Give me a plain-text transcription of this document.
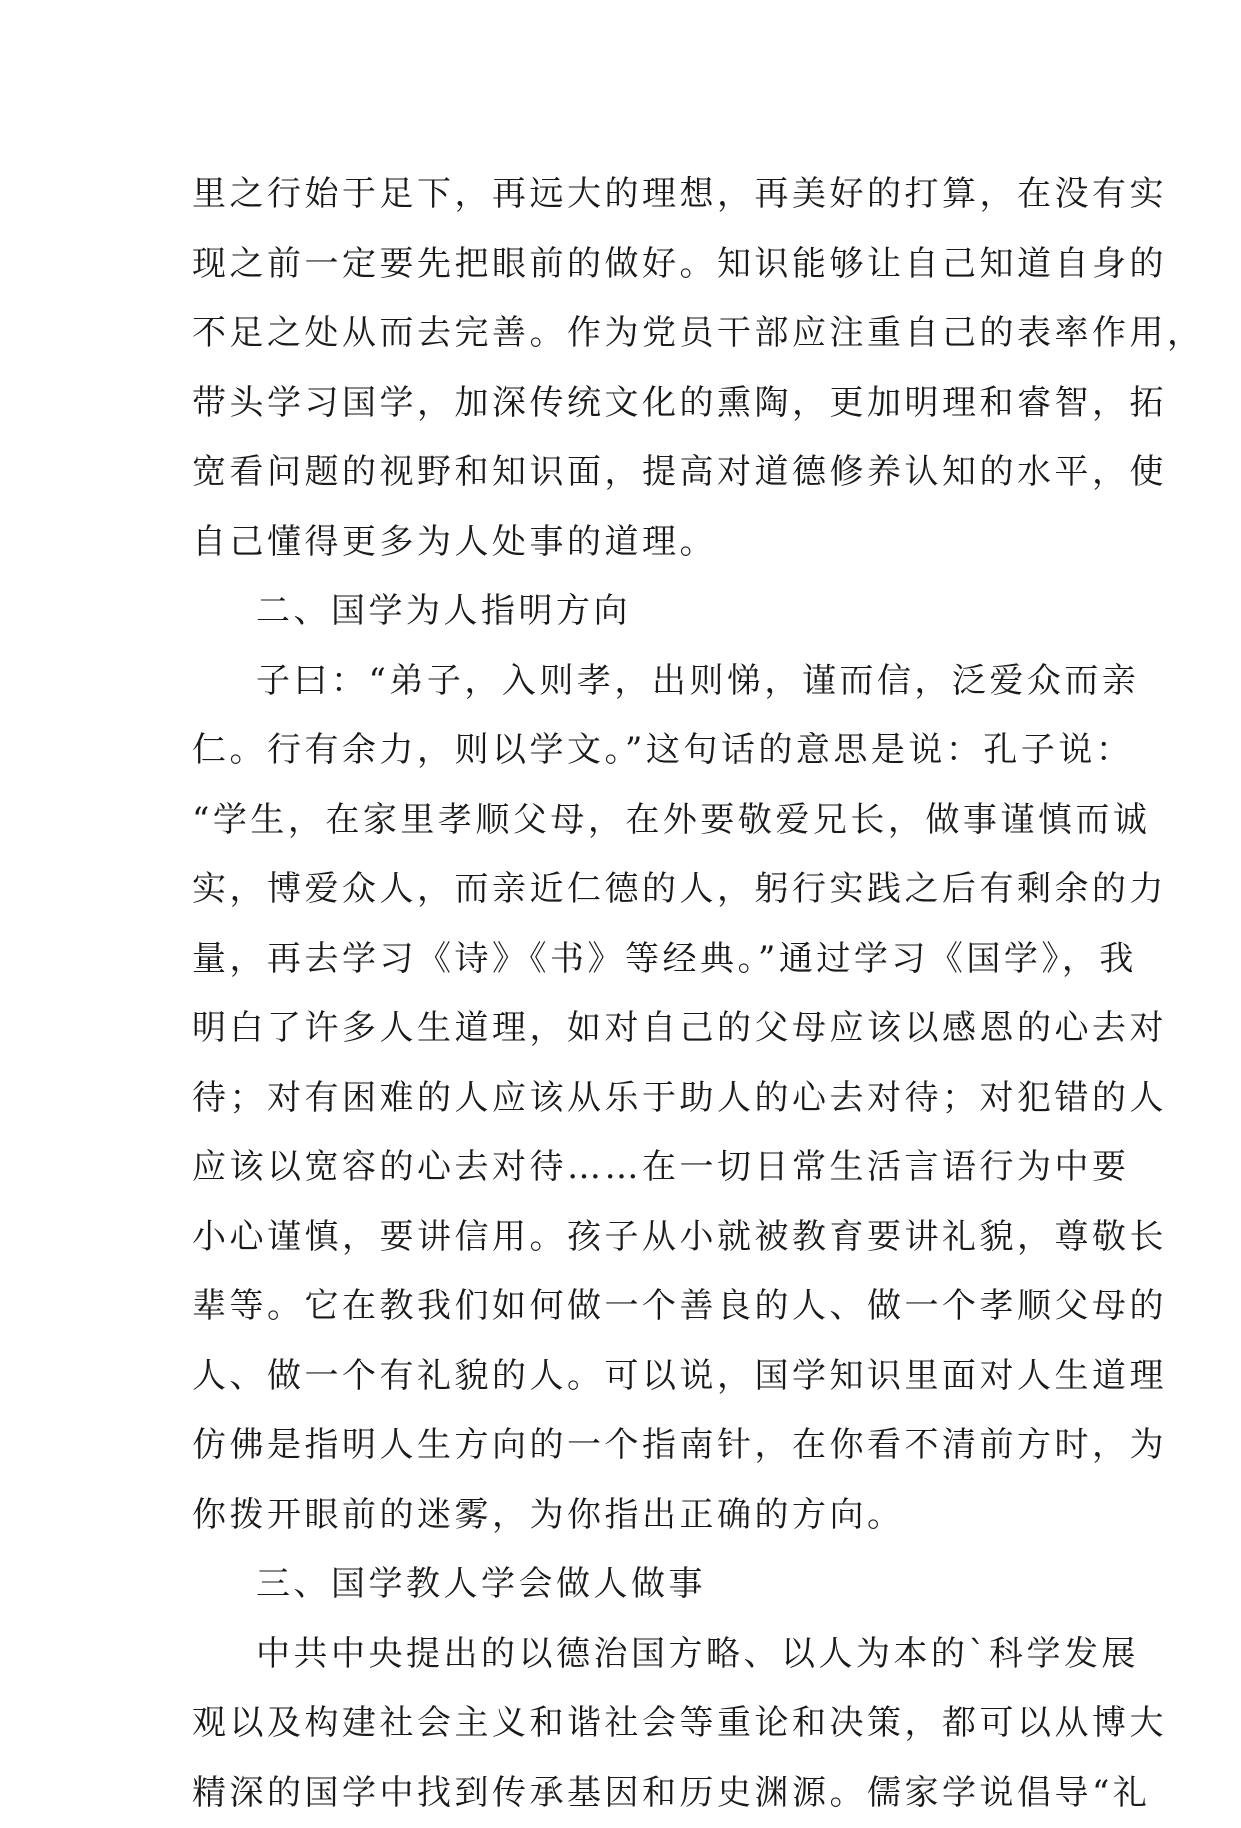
里之行始于足下，再远大的理想，再美好的打算，在没有实
现之前一定要先把眼前的做好。知识能够让自己知道自身的
不足之处从而去完善。作为党员干部应注重自己的表率作用，
带头学习国学，加深传统文化的熏陶，更加明理和睿智，拓
宽看问题的视野和知识面，提高对道德修养认知的水平，使
自己懂得更多为人处事的道理。
二、国学为人指明方向
子曰：“弟子，入则孝，出则悌，谨而信，泛爱众而亲
仁。行有余力，则以学文。”这句话的意思是说：孔子说：
“学生，在家里孝顺父母，在外要敬爱兄长，做事谨慎而诚
实，博爱众人，而亲近仁德的人，躬行实践之后有剩余的力
量，再去学习《诗》《书》等经典。”通过学习《国学》，我
明白了许多人生道理，如对自己的父母应该以感恩的心去对
待；对有困难的人应该从乐于助人的心去对待；对犯错的人
应该以宽容的心去对待……在一切日常生活言语行为中要
小心谨慎，要讲信用。孩子从小就被教育要讲礼貌，尊敬长
辈等。它在教我们如何做一个善良的人、做一个孝顺父母的
人、做一个有礼貌的人。可以说，国学知识里面对人生道理
仿佛是指明人生方向的一个指南针，在你看不清前方时，为
你拨开眼前的迷雾，为你指出正确的方向。
三、国学教人学会做人做事
中共中央提出的以德治国方略、以人为本的`科学发展
观以及构建社会主义和谐社会等重论和决策，都可以从博大
精深的国学中找到传承基因和历史渊源。儒家学说倡导“礼
